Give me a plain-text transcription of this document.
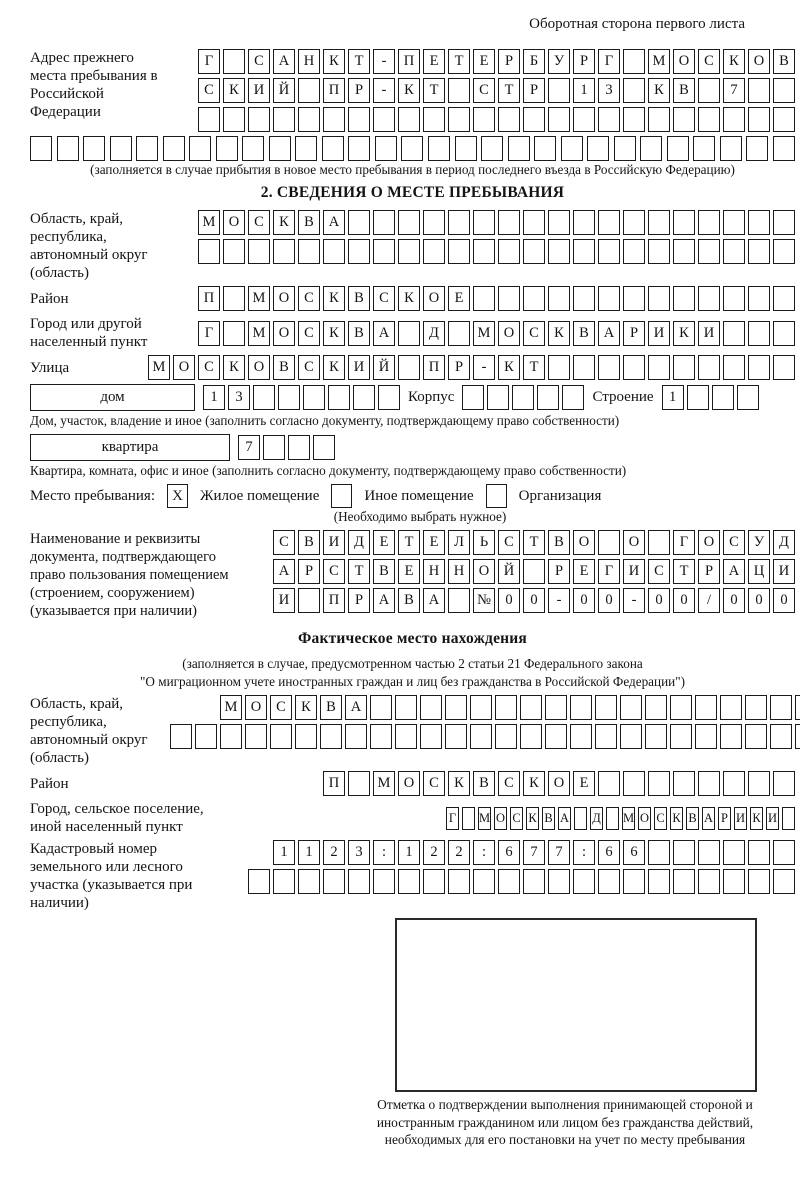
Оборотная сторона первого листа
Адрес прежнего места пребывания в Российской Федерации
Г	С	А	Н	К	Т	-	П	Е	Т	Е	Р	Б	У	Р	Г	М О	С	К	О	В
С	К	И	Й	П	Р	-	К	Т	С	Т	Р	1	3	К	В	7
(заполняется в случае прибытия в новое место пребывания в период последнего въезда в Российскую Федерацию)
2. СВЕДЕНИЯ О МЕСТЕ ПРЕБЫВАНИЯ
Область, край, республика, автономный округ (область)
М О	С	К	В	А
Район	П	М О	С	К	В	С	К	О	Е
Город или другой населенный пункт
Г	М О	С	К	В	А	Д	М О	С	К	В	А	Р	И	К	И
Улица	М О	С	К	О	В	С	К	И	Й	П	Р	-	К	Т
дом	1	3	Корпус	Строение	1
Дом, участок, владение и иное (заполнить согласно документу, подтверждающему право собственности)
квартира	7
Квартира, комната, офис и иное (заполнить согласно документу, подтверждающему право собственности)
Место пребывания:	X	Жилое помещение	Иное помещение	Организация
(Необходимо выбрать нужное)
Наименование и реквизиты документа, подтверждающего право пользования помещением (строением, сооружением) (указывается при наличии)
С	В	И	Д	Е	Т	Е	Л	Ь	С	Т	В	О	О	Г	О	С	У	Д
А	Р	С	Т	В	Е	Н	Н	О	Й	Р	Е	Г	И	С	Т	Р	А	Ц	И
И	П	Р	А	В	А	№ 0	0	-	0	0	-	0	0	/	0	0	0
Фактическое место нахождения
(заполняется в случае, предусмотренном частью 2 статьи 21 Федерального закона
"О миграционном учете иностранных граждан и лиц без гражданства в Российской Федерации")
Область, край, республика, автономный округ (область)
М О	С	К	В	А
Район	П	М О	С	К	В	С	К	О	Е
Город, сельское поселение, иной населенный пункт
Г М О С К В А Д М О С К В А Р И К И
Кадастровый номер земельного или лесного участка (указывается при наличии)
1	1	2	3	:	1	2	2	:	6	7	7	:	6	6
Отметка о подтверждении выполнения принимающей стороной и иностранным гражданином или лицом без гражданства действий, необходимых для его постановки на учет по месту пребывания
